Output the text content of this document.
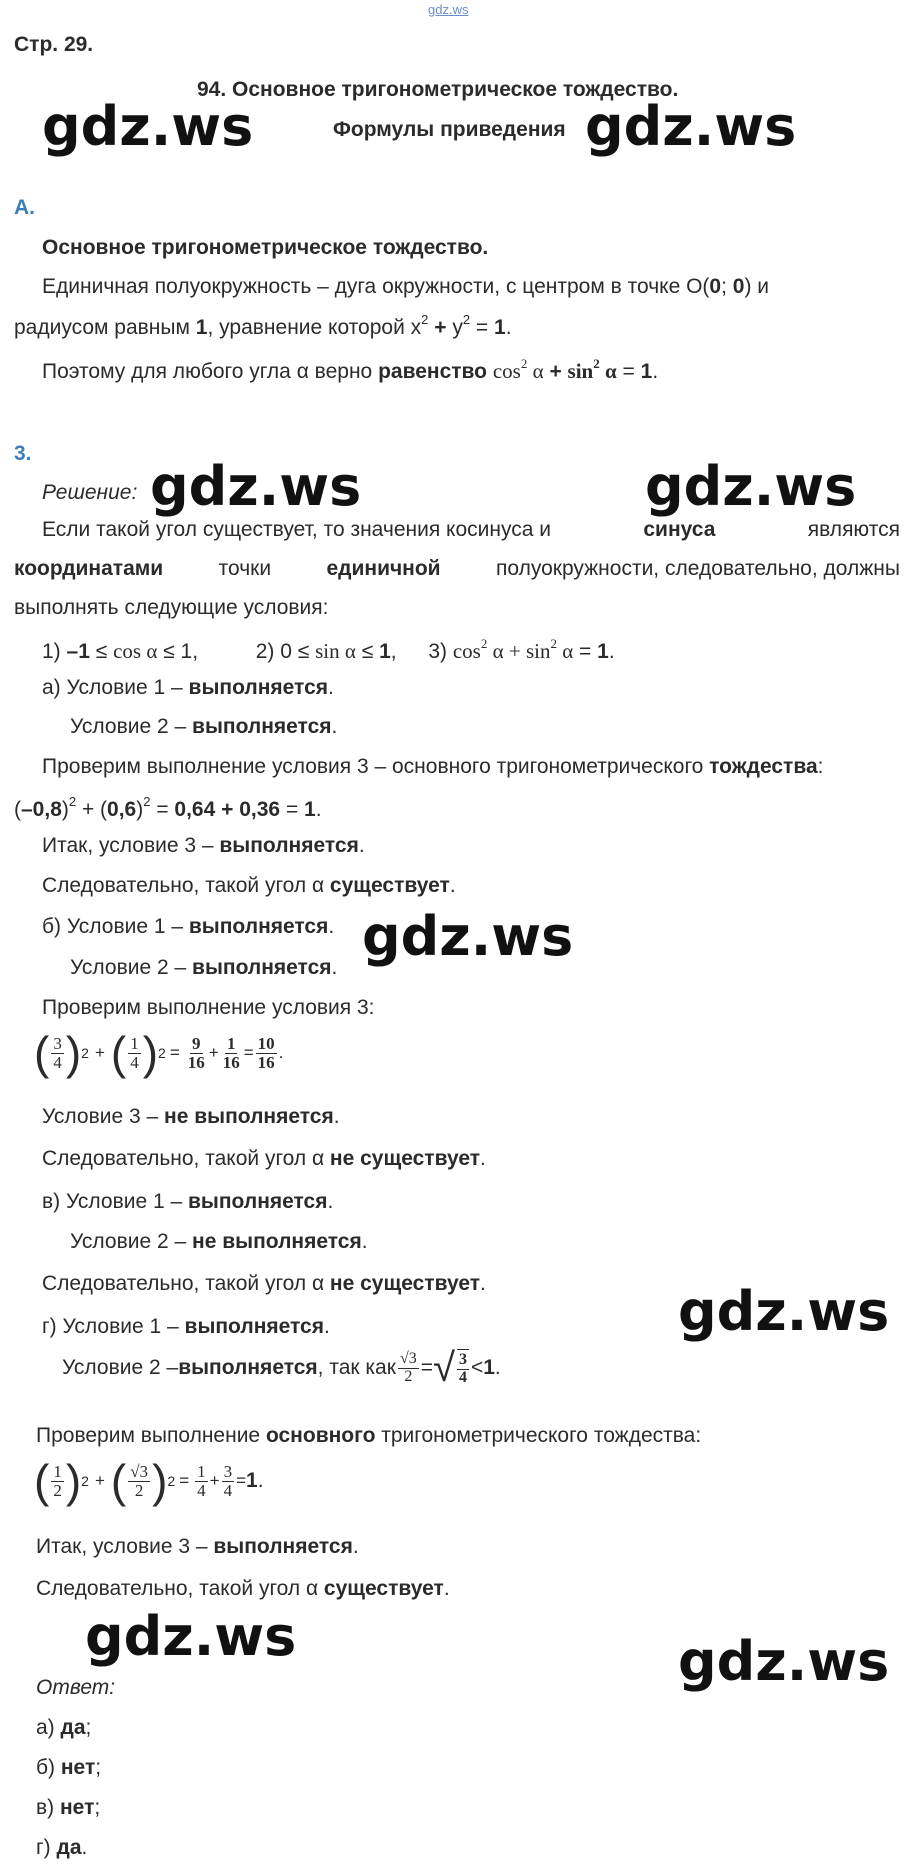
gdz.ws
Стр. 29.
94. Основное тригонометрическое тождество.
Формулы приведения
gdz.ws	gdz.ws
gdz.ws	gdz.ws
gdz.ws
gdz.ws
gdz.ws	gdz.ws
А.
Основное тригонометрическое тождество.
Единичная полуокружность – дуга окружности, с центром в точке O(0; 0) и
радиусом равным 1, уравнение которой $x^2 + y^2 = 1$.
Поэтому для любого угла α верно равенство $\cos^2 \alpha + \sin^2 \alpha = 1$.
3.
Решение:
Если такой угол существует, то значения косинуса и	синуса	являются
координатами	точки	единичной	полуокружности, следовательно, должны
выполнять следующие условия:
1) –1 ≤ cos α ≤ 1,	2) 0 ≤ sin α ≤ 1, 3) $\cos^2 \alpha + \sin^2 \alpha = 1$.
а) Условие 1 – выполняется.
Условие 2 – выполняется.
Проверим выполнение условия 3 – основного тригонометрического тождества:
$(-0,8)^2 + (0,6)^2 = 0,64 + 0,36 = 1$.
Итак, условие 3 – выполняется.
Следовательно, такой угол α существует.
б) Условие 1 – выполняется.
Условие 2 – выполняется.
Проверим выполнение условия 3:
( $\frac{3}{4}$ ) 2 + ( $\frac{1}{4}$ ) $2 = \frac{9}{16} + \frac{1}{16} = \frac{10}{16}$ .
Условие 3 – не выполняется.
Следовательно, такой угол α не существует.
в) Условие 1 – выполняется.
Условие 2 – не выполняется.
Следовательно, такой угол α не существует.
г) Условие 1 – выполняется.
Условие 2 – выполняется , так как $\frac{√3}{2}$ = √ $\frac{3}{4} < 1$ .
Проверим выполнение основного тригонометрического тождества:
( $\frac{1}{2}$ ) 2 + ( $\frac{√3}{2}$ ) $2 = \frac{1}{4} + \frac{3}{4} = 1$ .
Итак, условие 3 – выполняется.
Следовательно, такой угол α существует.
Ответ:
а) да;
б) нет;
в) нет;
г) да.
